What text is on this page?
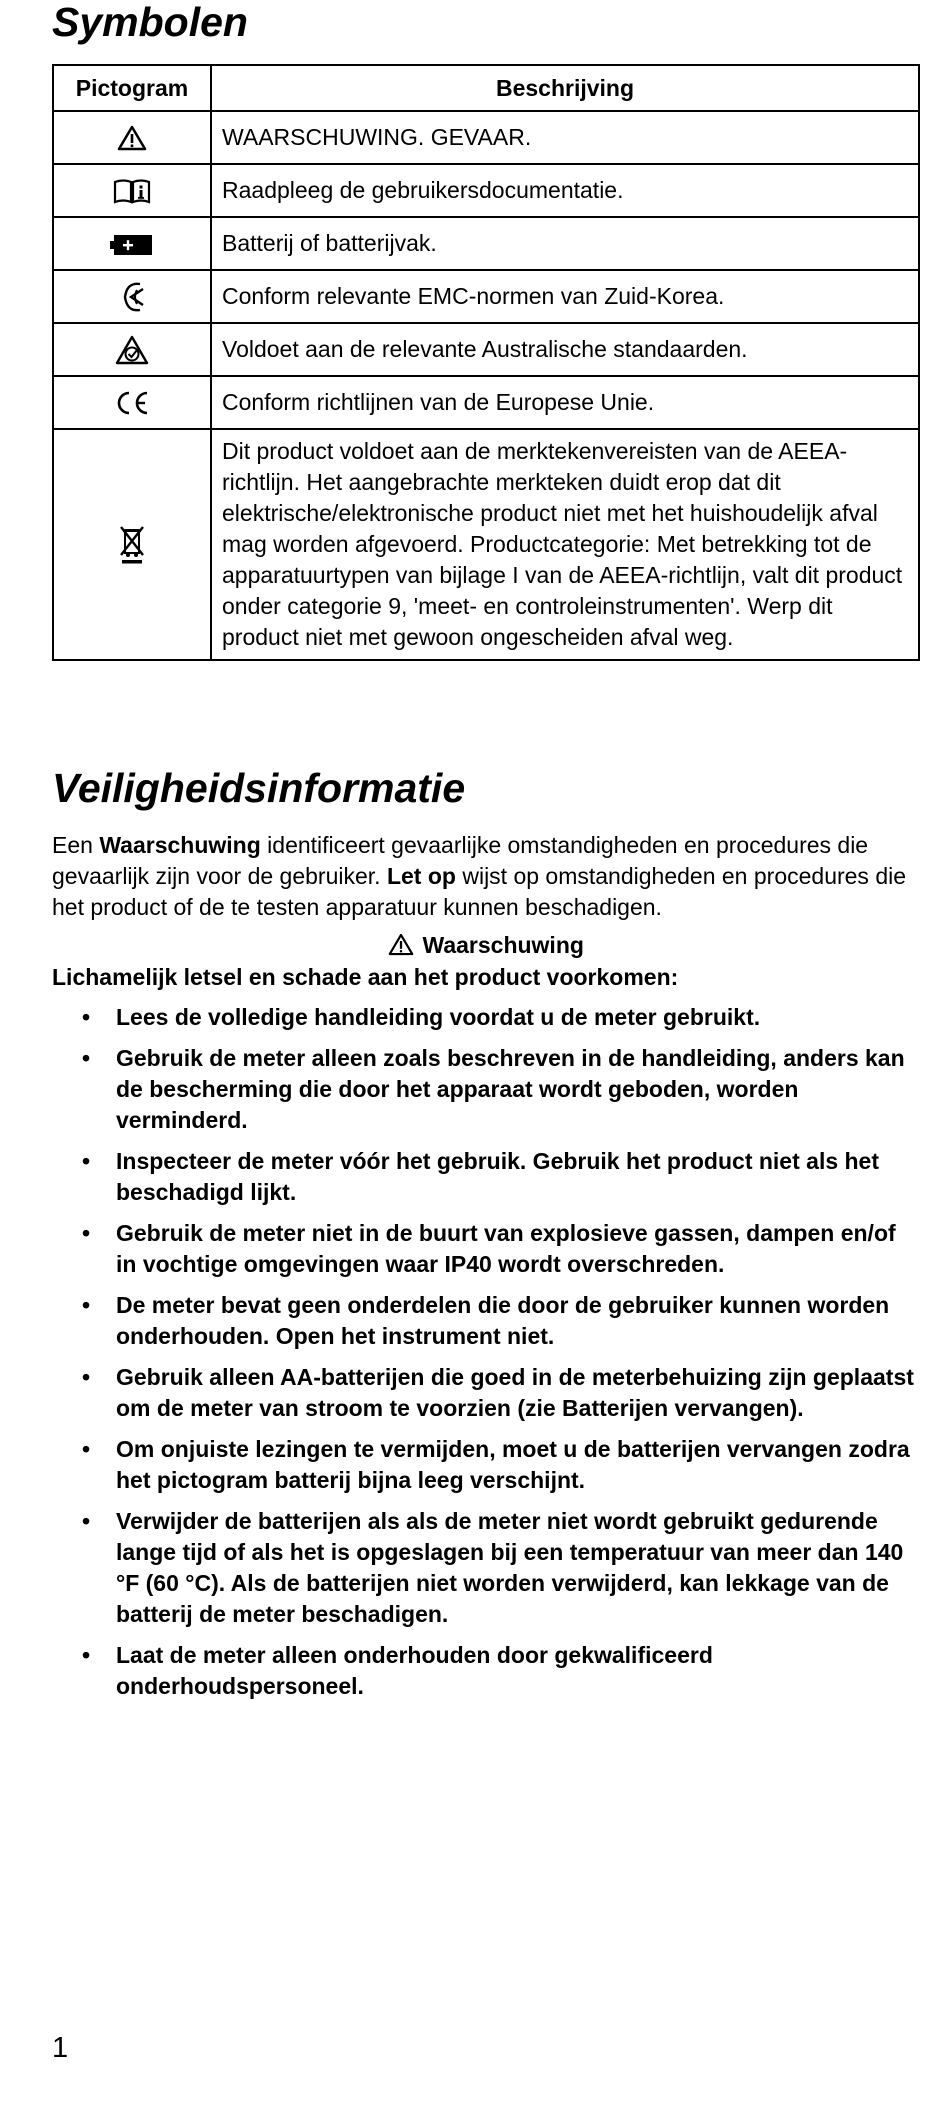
Symbolen
Pictogram	Beschrijving
	WAARSCHUWING. GEVAAR.
	Raadpleeg de gebruikersdocumentatie.
	Batterij of batterijvak.
	Conform relevante EMC-normen van Zuid-Korea.
	Voldoet aan de relevante Australische standaarden.
	Conform richtlijnen van de Europese Unie.
	Dit product voldoet aan de merktekenvereisten van de AEEA-richtlijn. Het aangebrachte merkteken duidt erop dat dit elektrische/elektronische product niet met het huishoudelijk afval mag worden afgevoerd. Productcategorie: Met betrekking tot de apparatuurtypen van bijlage I van de AEEA-richtlijn, valt dit product onder categorie 9, 'meet- en controleinstrumenten'. Werp dit product niet met gewoon ongescheiden afval weg.
Veiligheidsinformatie

Een Waarschuwing identificeert gevaarlijke omstandigheden en procedures die gevaarlijk zijn voor de gebruiker. Let op wijst op omstandigheden en procedures die het product of de te testen apparatuur kunnen beschadigen.

Waarschuwing
Lichamelijk letsel en schade aan het product voorkomen:
• Lees de volledige handleiding voordat u de meter gebruikt.
• Gebruik de meter alleen zoals beschreven in de handleiding, anders kan de bescherming die door het apparaat wordt geboden, worden verminderd.
• Inspecteer de meter vóór het gebruik. Gebruik het product niet als het beschadigd lijkt.
• Gebruik de meter niet in de buurt van explosieve gassen, dampen en/of in vochtige omgevingen waar IP40 wordt overschreden.
• De meter bevat geen onderdelen die door de gebruiker kunnen worden onderhouden. Open het instrument niet.
• Gebruik alleen AA-batterijen die goed in de meterbehuizing zijn geplaatst om de meter van stroom te voorzien (zie Batterijen vervangen).
• Om onjuiste lezingen te vermijden, moet u de batterijen vervangen zodra het pictogram batterij bijna leeg verschijnt.
• Verwijder de batterijen als als de meter niet wordt gebruikt gedurende lange tijd of als het is opgeslagen bij een temperatuur van meer dan 140 °F (60 °C). Als de batterijen niet worden verwijderd, kan lekkage van de batterij de meter beschadigen.
• Laat de meter alleen onderhouden door gekwalificeerd onderhoudspersoneel.
1
